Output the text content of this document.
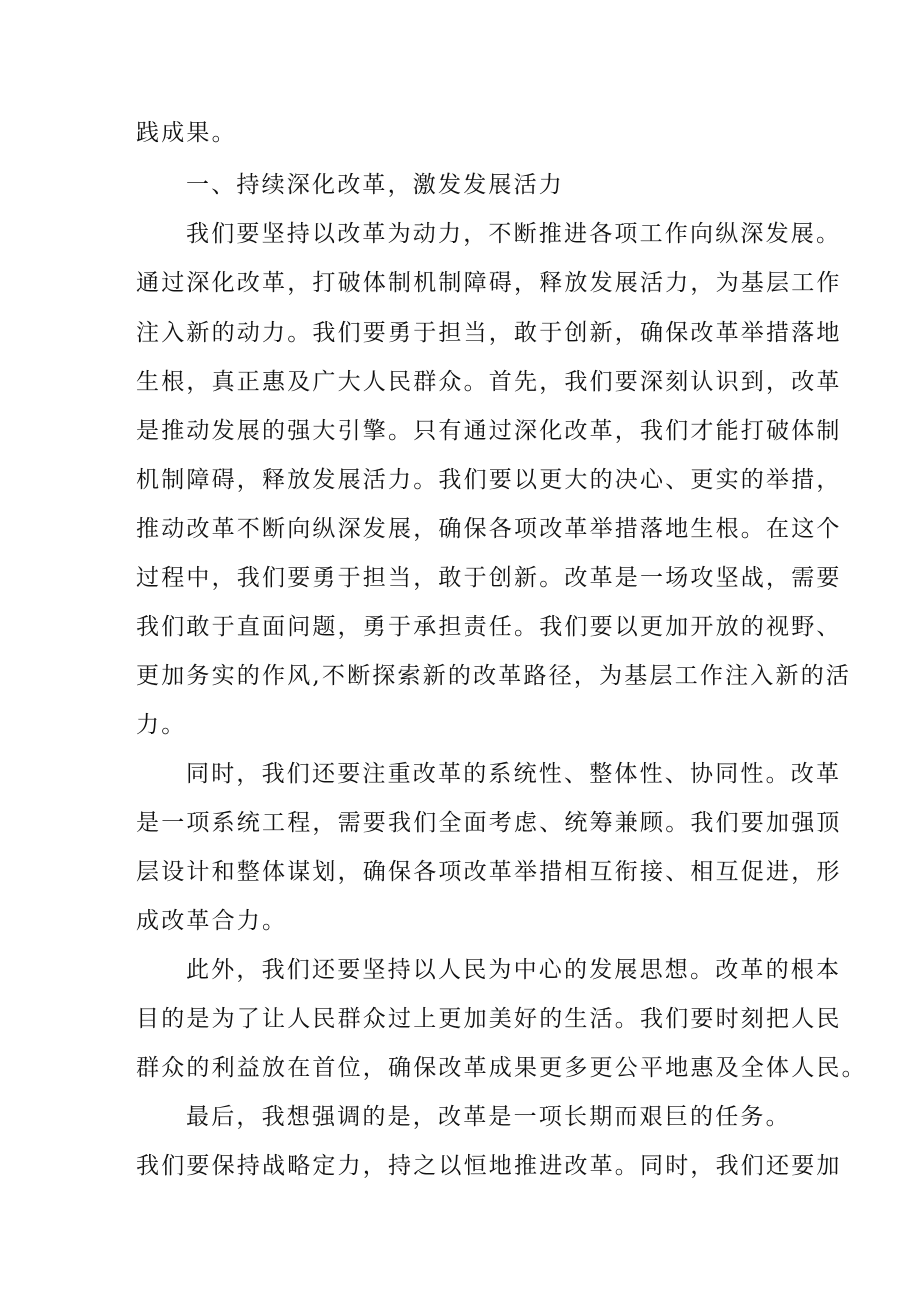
践成果。
一、持续深化改革，激发发展活力
我们要坚持以改革为动力，不断推进各项工作向纵深发展。
通过深化改革，打破体制机制障碍，释放发展活力，为基层工作
注入新的动力。我们要勇于担当，敢于创新，确保改革举措落地
生根，真正惠及广大人民群众。首先，我们要深刻认识到，改革
是推动发展的强大引擎。只有通过深化改革，我们才能打破体制
机制障碍，释放发展活力。我们要以更大的决心、更实的举措，
推动改革不断向纵深发展，确保各项改革举措落地生根。在这个
过程中，我们要勇于担当，敢于创新。改革是一场攻坚战，需要
我们敢于直面问题，勇于承担责任。我们要以更加开放的视野、
更加务实的作风,不断探索新的改革路径，为基层工作注入新的活
力。
同时，我们还要注重改革的系统性、整体性、协同性。改革
是一项系统工程，需要我们全面考虑、统筹兼顾。我们要加强顶
层设计和整体谋划，确保各项改革举措相互衔接、相互促进，形
成改革合力。
此外，我们还要坚持以人民为中心的发展思想。改革的根本
目的是为了让人民群众过上更加美好的生活。我们要时刻把人民
群众的利益放在首位，确保改革成果更多更公平地惠及全体人民。
最后，我想强调的是，改革是一项长期而艰巨的任务。
我们要保持战略定力，持之以恒地推进改革。同时，我们还要加
